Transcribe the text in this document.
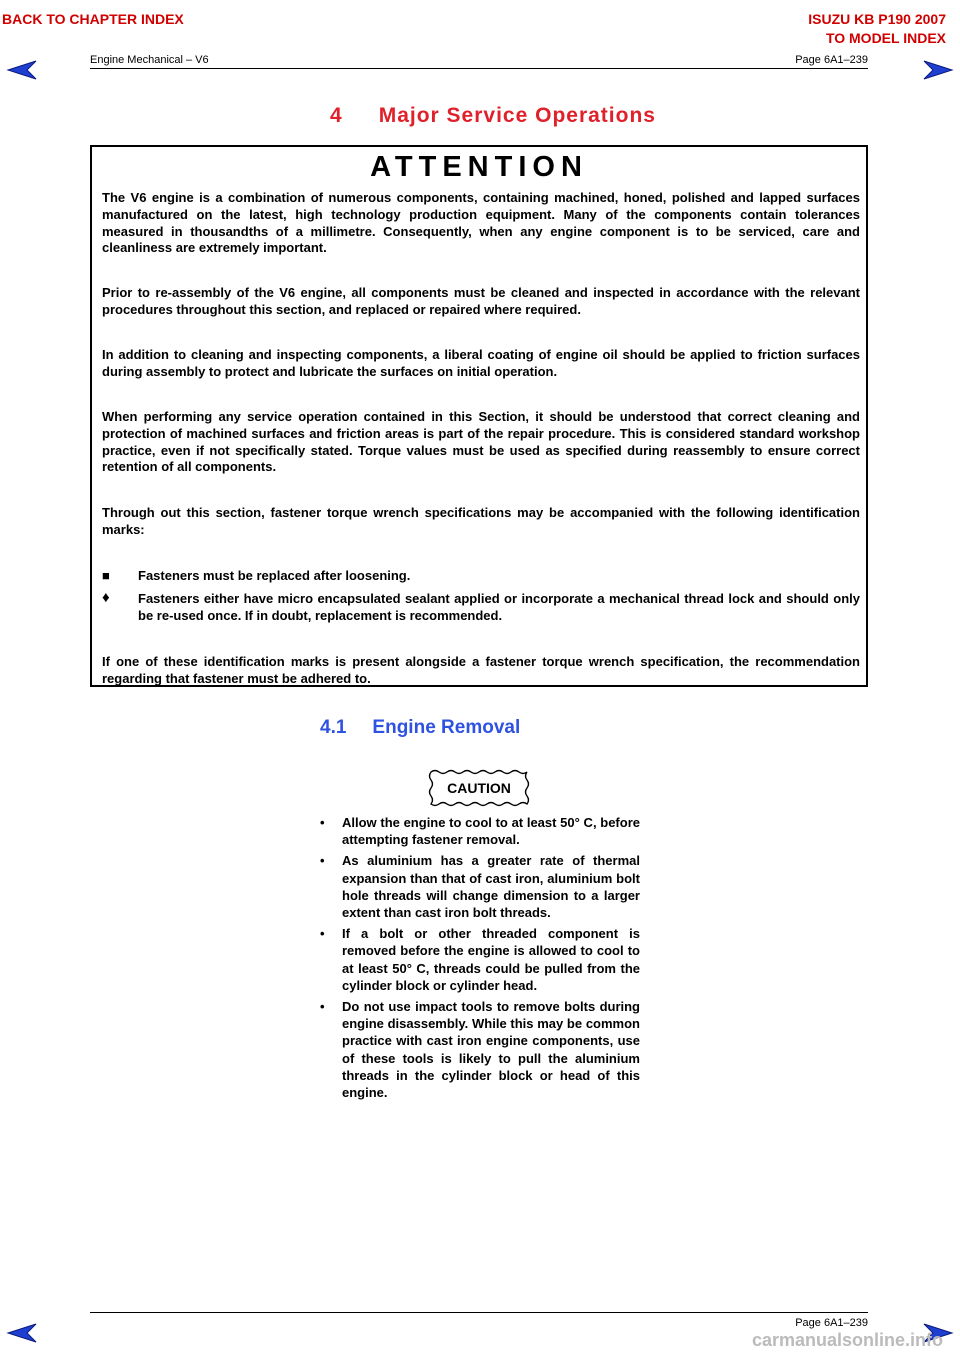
BACK TO CHAPTER INDEX	ISUZU KB P190 2007
TO MODEL INDEX
Engine Mechanical – V6	Page 6A1–239
4 Major Service Operations
ATTENTION

The V6 engine is a combination of numerous components, containing machined, honed, polished and lapped surfaces manufactured on the latest, high technology production equipment. Many of the components contain tolerances measured in thousandths of a millimetre. Consequently, when any engine component is to be serviced, care and cleanliness are extremely important.

Prior to re-assembly of the V6 engine, all components must be cleaned and inspected in accordance with the relevant procedures throughout this section, and replaced or repaired where required.

In addition to cleaning and inspecting components, a liberal coating of engine oil should be applied to friction surfaces during assembly to protect and lubricate the surfaces on initial operation.

When performing any service operation contained in this Section, it should be understood that correct cleaning and protection of machined surfaces and friction areas is part of the repair procedure. This is considered standard workshop practice, even if not specifically stated. Torque values must be used as specified during reassembly to ensure correct retention of all components.

Through out this section, fastener torque wrench specifications may be accompanied with the following identification marks:

■ Fasteners must be replaced after loosening.

♦ Fasteners either have micro encapsulated sealant applied or incorporate a mechanical thread lock and should only be re-used once. If in doubt, replacement is recommended.

If one of these identification marks is present alongside a fastener torque wrench specification, the recommendation regarding that fastener must be adhered to.

4.1 Engine Removal
CAUTION
• Allow the engine to cool to at least 50° C, before attempting fastener removal.
• As aluminium has a greater rate of thermal expansion than that of cast iron, aluminium bolt hole threads will change dimension to a larger extent than cast iron bolt threads.
• If a bolt or other threaded component is removed before the engine is allowed to cool to at least 50° C, threads could be pulled from the cylinder block or cylinder head.
• Do not use impact tools to remove bolts during engine disassembly. While this may be common practice with cast iron engine components, use of these tools is likely to pull the aluminium threads in the cylinder block or head of this engine.
Page 6A1–239
carmanualsonline.info
